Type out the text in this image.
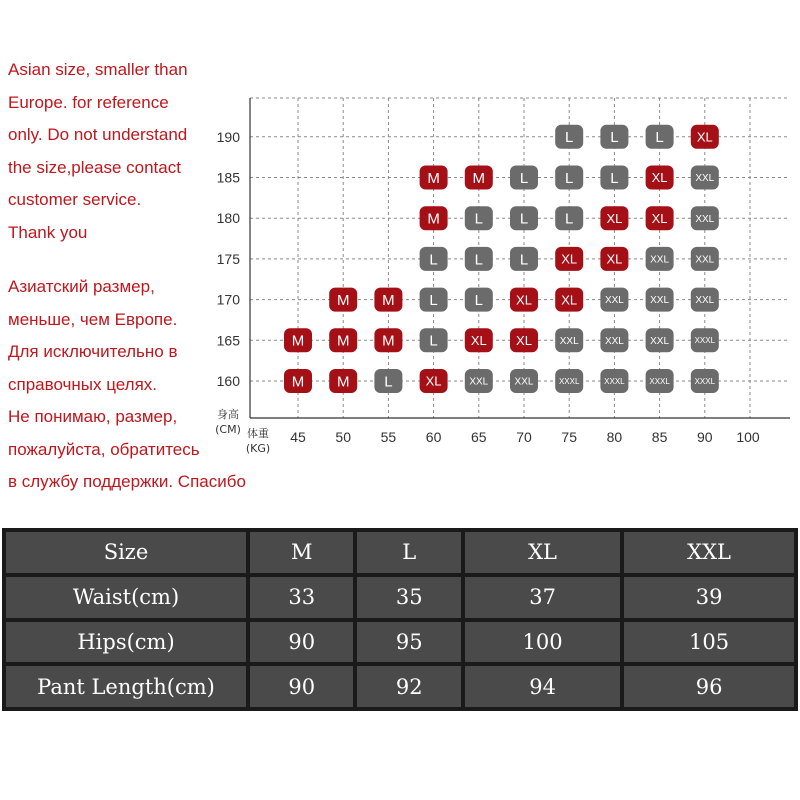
Asian size, smaller than
Europe. for reference
only. Do not understand
the size,please contact
customer service.
Thank you
Азиатский размер,
меньше, чем Европе.
Для исключительно в
справочных целях.
Не понимаю, размер,
пожалуйста, обратитесь
в службу поддержки. Спасибо
190
185
180
175
170
165
160
45 50 55 60 65 70 75 80 85 90 100
身高
(CM) 体重
(KG)
L L L	XL
M M L L L	XL	XXL
M L L L	XL XL	XXL
L L L	XL XL	XXL	XXL
M M L L	XL XL	XXL	XXL	XXL
M M M L	XL XL	XXL	XXL	XXL	XXXL
M M L	XL	XXL	XXL	XXXL	XXXL	XXXL	XXXL
Size	M	L	XL	XXL
Waist(cm)	33	35	37	39
Hips(cm)	90	95	100	105
Pant Length(cm)	90	92	94	96
